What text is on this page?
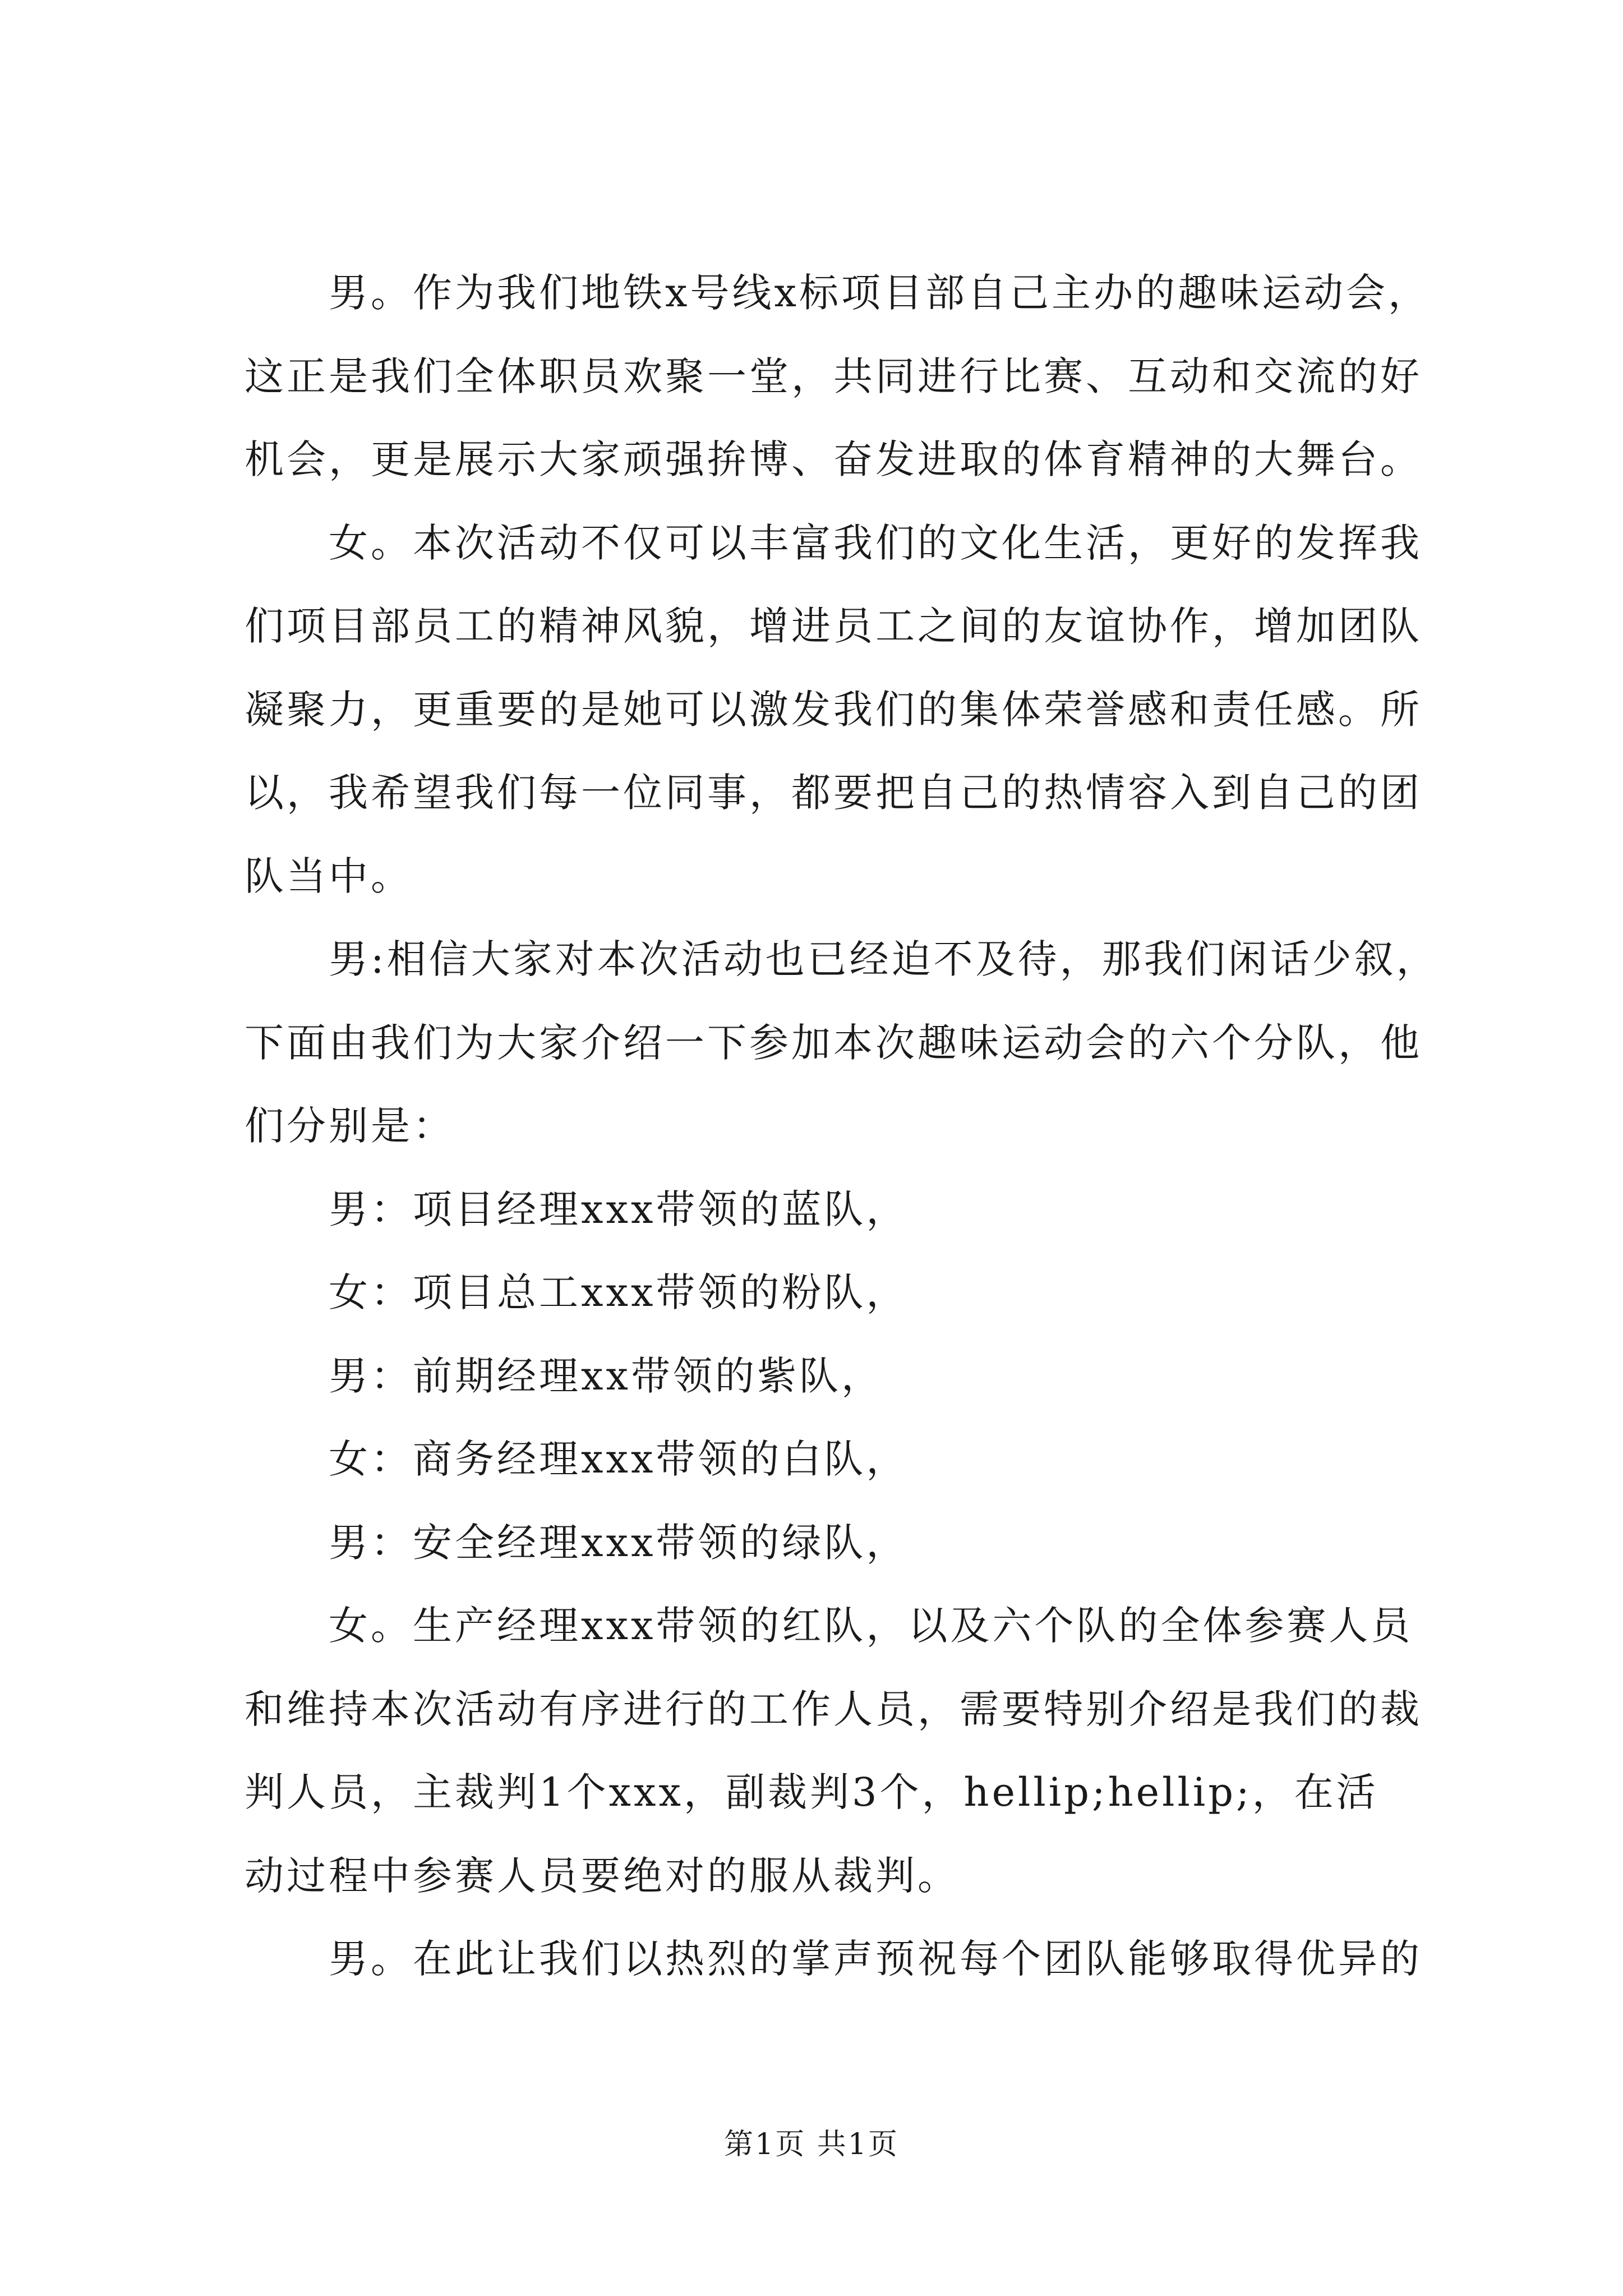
男。作为我们地铁x号线x标项目部自己主办的趣味运动会，
这正是我们全体职员欢聚一堂，共同进行比赛、互动和交流的好
机会，更是展示大家顽强拚博、奋发进取的体育精神的大舞台。
女。本次活动不仅可以丰富我们的文化生活，更好的发挥我
们项目部员工的精神风貌，增进员工之间的友谊协作，增加团队
凝聚力，更重要的是她可以激发我们的集体荣誉感和责任感。所
以，我希望我们每一位同事，都要把自己的热情容入到自己的团
队当中。
男:相信大家对本次活动也已经迫不及待，那我们闲话少叙，
下面由我们为大家介绍一下参加本次趣味运动会的六个分队，他
们分别是：
男：项目经理xxx带领的蓝队，
女：项目总工xxx带领的粉队，
男：前期经理xx带领的紫队，
女：商务经理xxx带领的白队，
男：安全经理xxx带领的绿队，
女。生产经理xxx带领的红队，以及六个队的全体参赛人员
和维持本次活动有序进行的工作人员，需要特别介绍是我们的裁
判人员，主裁判1个xxx，副裁判3个，hellip;hellip;，在活
动过程中参赛人员要绝对的服从裁判。
男。在此让我们以热烈的掌声预祝每个团队能够取得优异的
第1页 共1页
